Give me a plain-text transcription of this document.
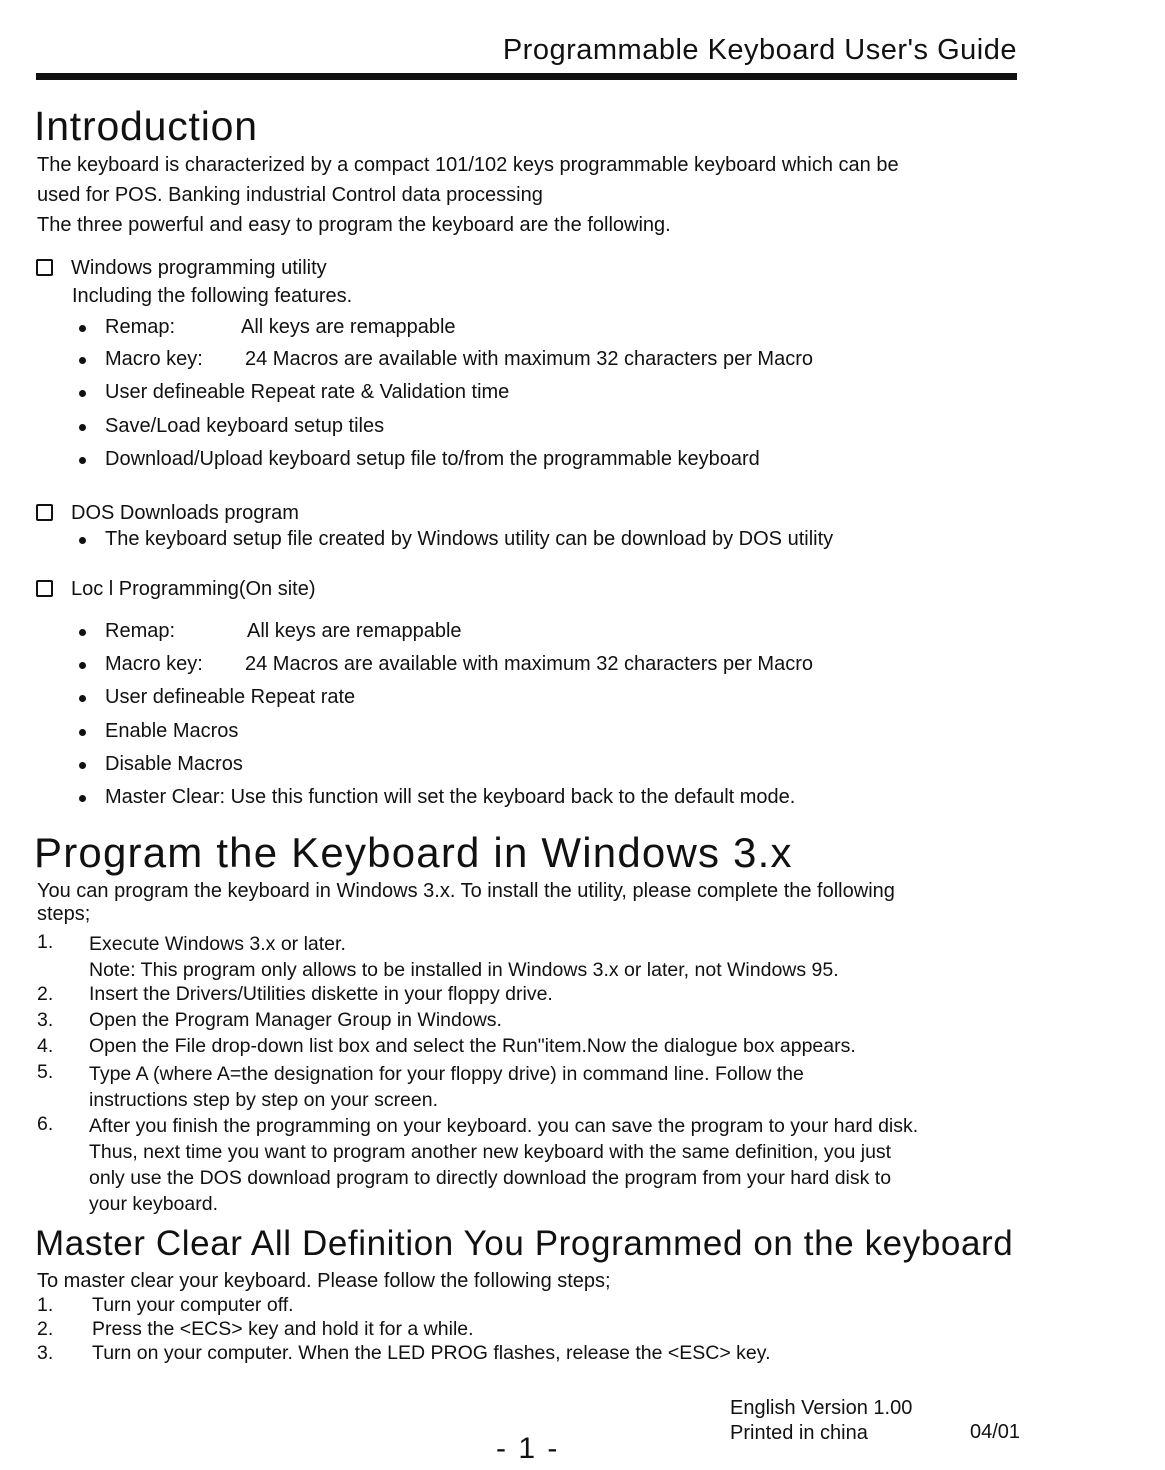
Programmable Keyboard User's Guide
Introduction
The keyboard is characterized by a compact 101/102 keys programmable keyboard which can be
used for POS. Banking industrial Control data processing
The three powerful and easy to program the keyboard are the following.
Windows programming utility
Including the following features.
Remap:	All keys are remappable
Macro key: 24 Macros are available with maximum 32 characters per Macro
User defineable Repeat rate & Validation time
Save/Load keyboard setup tiles
Download/Upload keyboard setup file to/from the programmable keyboard
DOS Downloads program
The keyboard setup file created by Windows utility can be download by DOS utility
Loc l Programming(On site)
Remap:	All keys are remappable
Macro key: 24 Macros are available with maximum 32 characters per Macro
User defineable Repeat rate
Enable Macros
Disable Macros
Master Clear: Use this function will set the keyboard back to the default mode.
Program the Keyboard in Windows 3.x
You can program the keyboard in Windows 3.x. To install the utility, please complete the following
steps;
1. Execute Windows 3.x or later.
Note: This program only allows to be installed in Windows 3.x or later, not Windows 95.
2. Insert the Drivers/Utilities diskette in your floppy drive.
3. Open the Program Manager Group in Windows.
4. Open the File drop-down list box and select the Run"item.Now the dialogue box appears.
5. Type A (where A=the designation for your floppy drive) in command line. Follow the
instructions step by step on your screen.
6. After you finish the programming on your keyboard. you can save the program to your hard disk.
Thus, next time you want to program another new keyboard with the same definition, you just
only use the DOS download program to directly download the program from your hard disk to
your keyboard.
Master Clear All Definition You Programmed on the keyboard
To master clear your keyboard. Please follow the following steps;
1. Turn your computer off.
2. Press the <ECS> key and hold it for a while.
3. Turn on your computer. When the LED PROG flashes, release the <ESC> key.
English Version 1.00
Printed in china	04/01
- 1 -
